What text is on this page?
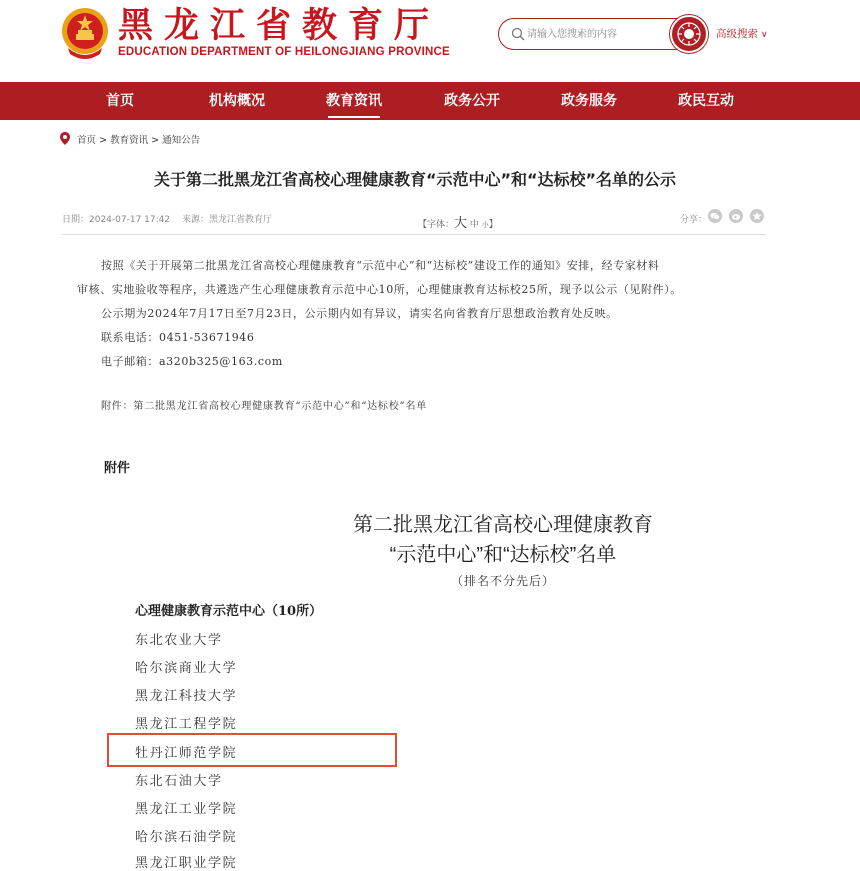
黑龙江省教育厅
EDUCATION DEPARTMENT OF HEILONGJIANG PROVINCE
请输入您搜索的内容
高级搜索 ∨
首页	机构概况	教育资讯	政务公开	政务服务	政民互动
首页 > 教育资讯 > 通知公告
关于第二批黑龙江省高校心理健康教育“示范中心”和“达标校”名单的公示
日期：2024-07-17 17:42 来源：黑龙江省教育厅	【字体：大 中 小】	分享：
按照《关于开展第二批黑龙江省高校心理健康教育“示范中心”和“达标校”建设工作的通知》安排，经专家材料
审核、实地验收等程序，共遴选产生心理健康教育示范中心10所，心理健康教育达标校25所，现予以公示（见附件）。
公示期为2024年7月17日至7月23日，公示期内如有异议，请实名向省教育厅思想政治教育处反映。
联系电话：0451-53671946
电子邮箱：a320b325@163.com
附件：第二批黑龙江省高校心理健康教育“示范中心”和“达标校”名单
附件
第二批黑龙江省高校心理健康教育
“示范中心”和“达标校”名单
（排名不分先后）
心理健康教育示范中心（10所）
东北农业大学
哈尔滨商业大学
黑龙江科技大学
黑龙江工程学院
牡丹江师范学院
东北石油大学
黑龙江工业学院
哈尔滨石油学院
黑龙江职业学院
